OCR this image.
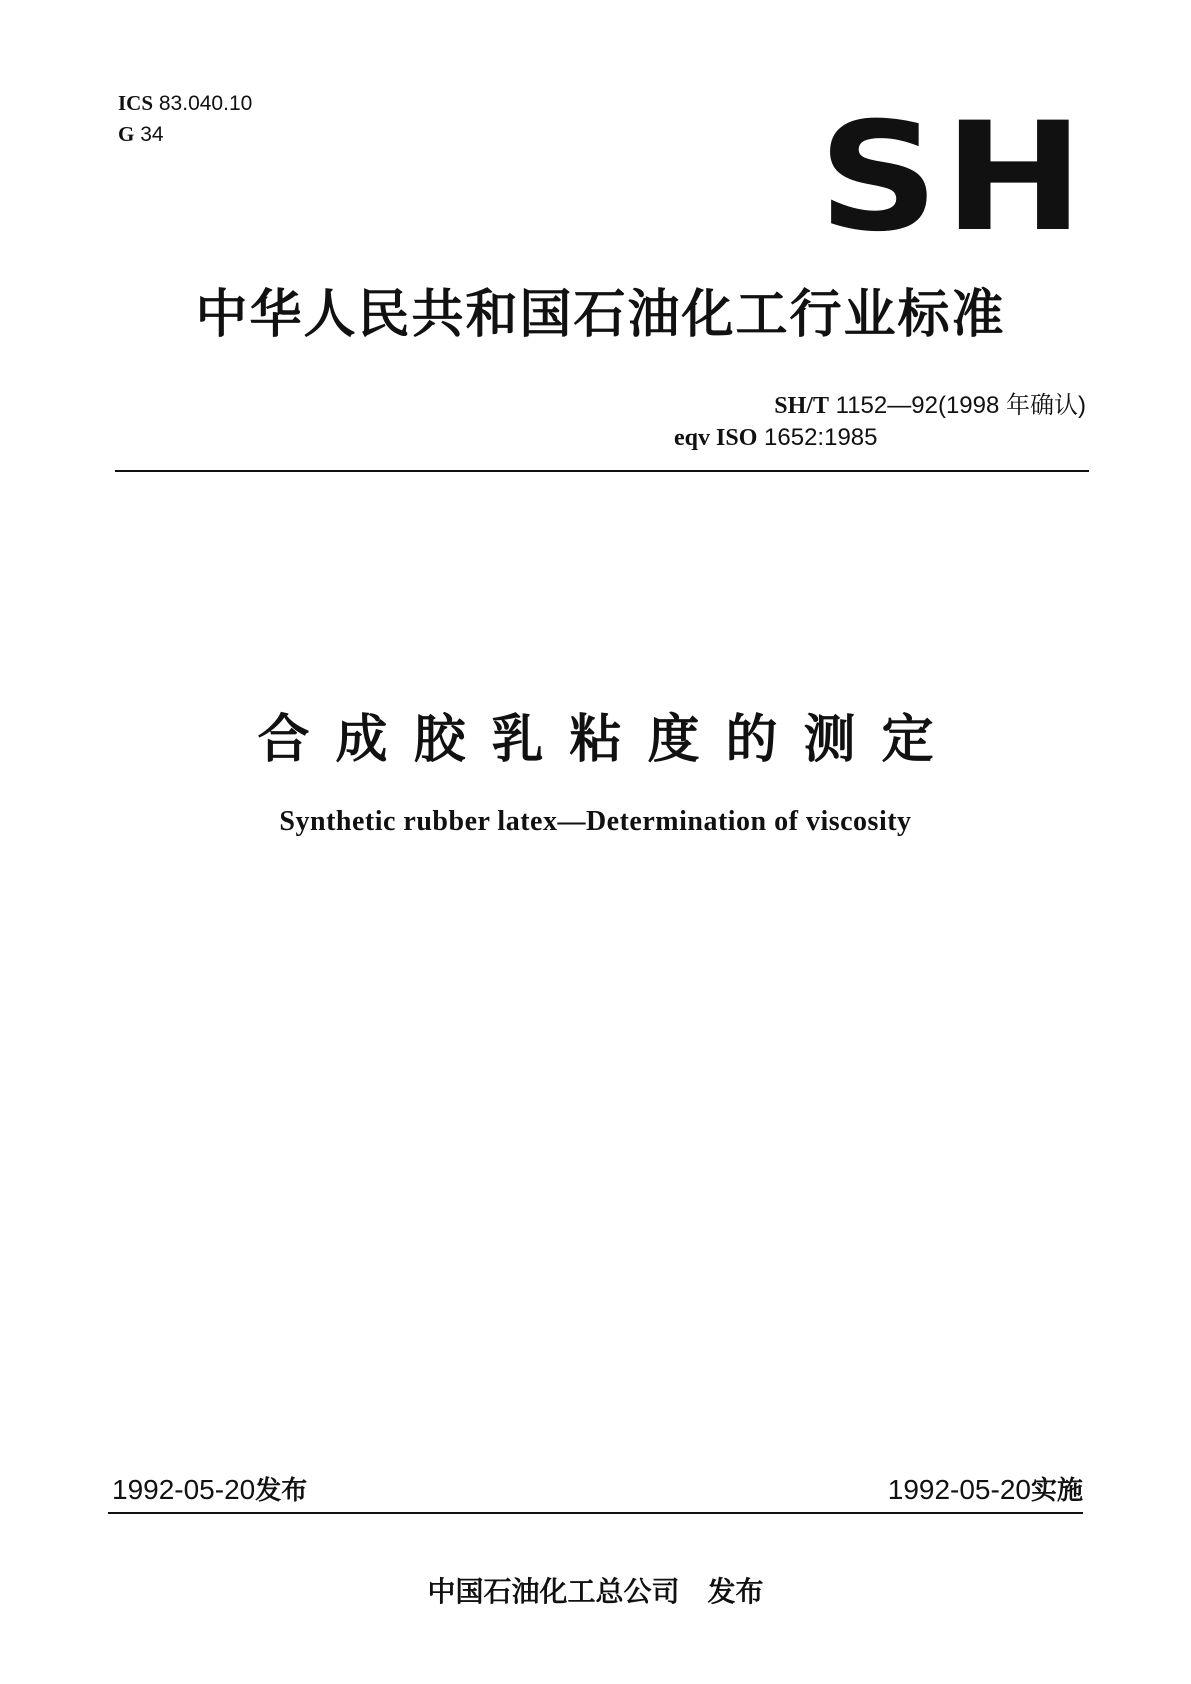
ICS 83.040.10
G 34	SH
中华人民共和国石油化工行业标准
SH/T 1152—92(1998 年确认)
eqv ISO 1652:1985
合成胶乳粘度的测定
Synthetic rubber latex—Determination of viscosity
1992-05-20发布	1992-05-20实施
中国石油化工总公司 发布
